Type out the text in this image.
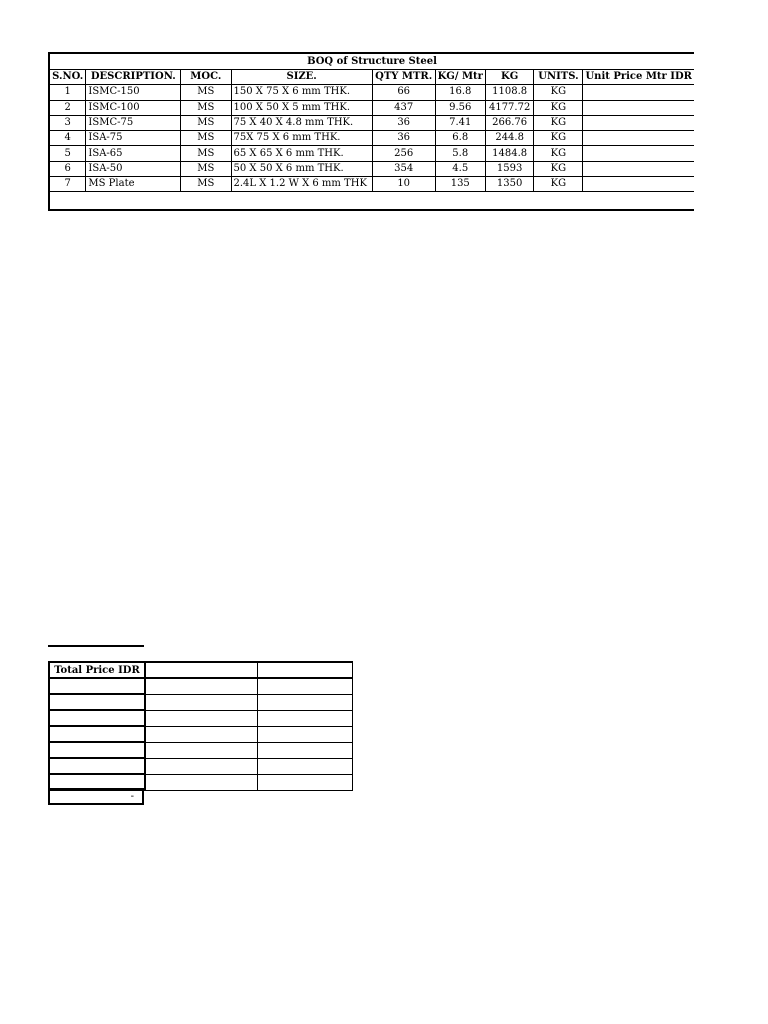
BOQ of Structure Steel
S.NO.	DESCRIPTION.	MOC.	SIZE.	QTY MTR.	KG/ Mtr	KG	UNITS.	Unit Price Mtr IDR
1	ISMC-150	MS	150 X 75 X 6 mm THK.	66	16.8	1108.8	KG	
2	ISMC-100	MS	100 X 50 X 5 mm THK.	437	9.56	4177.72	KG	
3	ISMC-75	MS	75 X 40 X 4.8 mm THK.	36	7.41	266.76	KG	
4	ISA-75	MS	75X 75 X 6 mm THK.	36	6.8	244.8	KG	
5	ISA-65	MS	65 X 65 X 6 mm THK.	256	5.8	1484.8	KG	
6	ISA-50	MS	50 X 50 X 6 mm THK.	354	4.5	1593	KG	
7	MS Plate	MS	2.4L X 1.2 W X 6 mm THK	10	135	1350	KG	
Total Price IDR		

-
